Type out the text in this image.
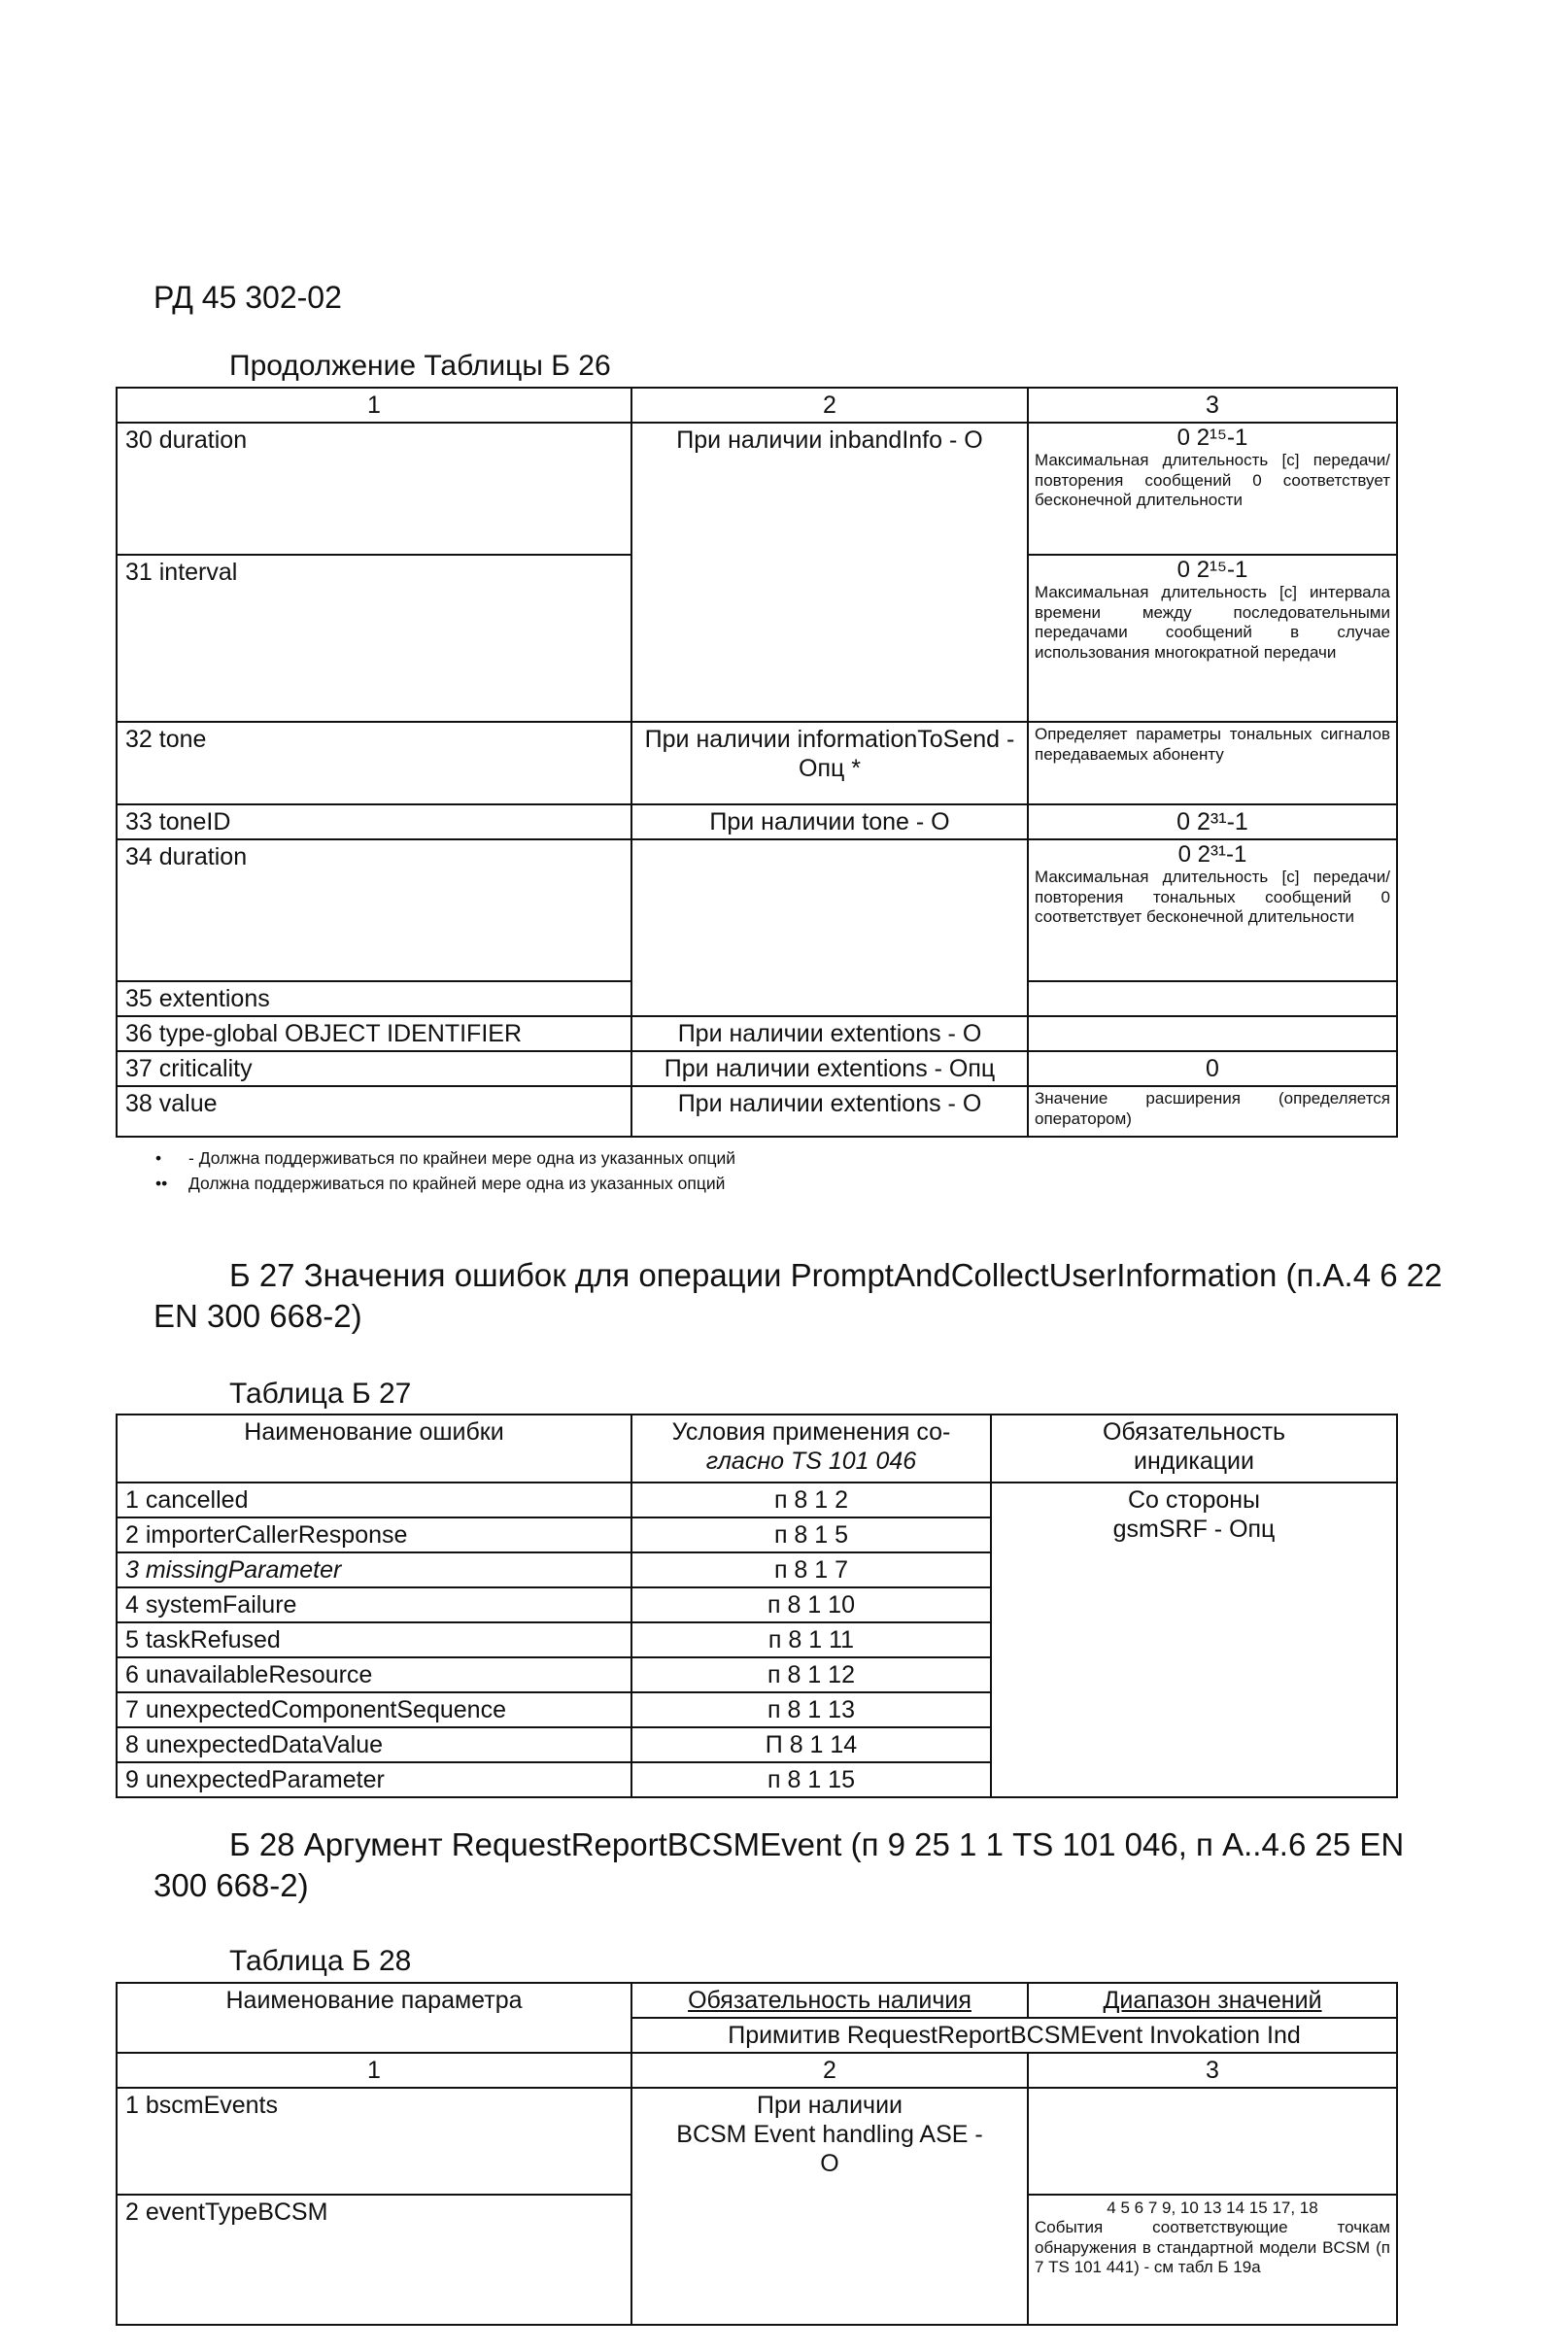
РД 45 302-02
Продолжение Таблицы Б 26
1	2	3
30 duration	При наличии inbandInfo - O	0 2¹⁵-1
Максимальная длительность [с] передачи/повторения сообщений 0 соответствует бесконечной длительности
31 interval		0 2¹⁵-1
Максимальная длительность [с] интервала времени между последовательными передачами сообщений в случае использования многократной передачи
32 tone	При наличии informationToSend - Опц *	Определяет параметры тональных сигналов передаваемых абоненту
33 toneID	При наличии tone - O	0 2³¹-1
34 duration		0 2³¹-1
Максимальная длительность [с] передачи/повторения тональных сообщений 0 соответствует бесконечной длительности
35 extentions		
36 type-global OBJECT IDENTIFIER	При наличии extentions - O	
37 criticality	При наличии extentions - Опц	0
38 value	При наличии extentions - O	Значение расширения (определяется оператором)
• - Должна поддерживаться по крайнеи мере одна из указанных опций
•• Должна поддерживаться по крайней мере одна из указанных опций
Б 27 Значения ошибок для операции PromptAndCollectUserInformation (п.А.4 6 22
EN 300 668-2)
Таблица Б 27
Наименование ошибки	Условия применения со-
гласно TS 101 046	Обязательность
индикации
1 cancelled	п 8 1 2	Со стороны
gsmSRF - Опц
2 importerCallerResponse	п 8 1 5	
3 missingParameter	п 8 1 7	
4 systemFailure	п 8 1 10	
5 taskRefused	п 8 1 11	
6 unavailableResource	п 8 1 12	
7 unexpectedComponentSequence	п 8 1 13	
8 unexpectedDataValue	П 8 1 14	
9 unexpectedParameter	п 8 1 15	
Б 28 Аргумент RequestReportBCSMEvent (п 9 25 1 1 TS 101 046, п А..4.6 25 EN
300 668-2)
Таблица Б 28
Наименование параметра	Обязательность наличия	Диапазон значений
	Примитив RequestReportBCSMEvent Invokation Ind	
1	2	3
1 bscmEvents	При наличии
BCSM Event handling ASE -
O	
2 eventTypeBCSM		4 5 6 7 9, 10 13 14 15 17, 18
События соответствующие точкам обнаружения в стандартной модели BCSM (п 7 TS 101 441) - см табл Б 19а
